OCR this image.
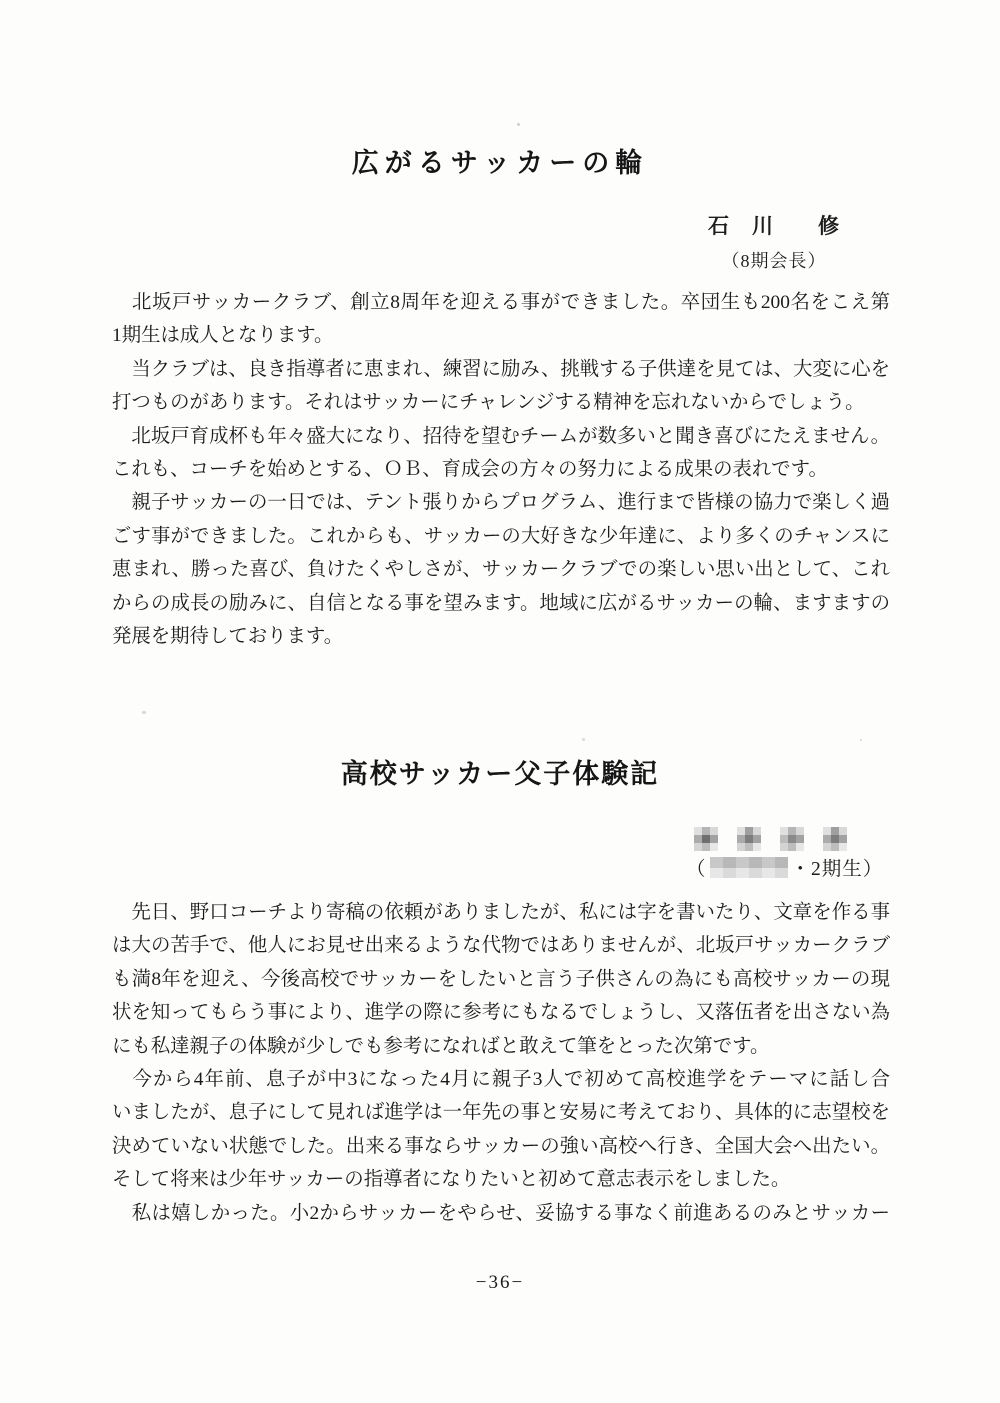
広がるサッカーの輪
石　川　　修
（8期会長）
　北坂戸サッカークラブ、創立8周年を迎える事ができました。卒団生も200名をこえ第
1期生は成人となります。
　当クラブは、良き指導者に恵まれ、練習に励み、挑戦する子供達を見ては、大変に心を
打つものがあります。それはサッカーにチャレンジする精神を忘れないからでしょう。
　北坂戸育成杯も年々盛大になり、招待を望むチームが数多いと聞き喜びにたえません。
これも、コーチを始めとする、ＯＢ、育成会の方々の努力による成果の表れです。
　親子サッカーの一日では、テント張りからプログラム、進行まで皆様の協力で楽しく過
ごす事ができました。これからも、サッカーの大好きな少年達に、より多くのチャンスに
恵まれ、勝った喜び、負けたくやしさが、サッカークラブでの楽しい思い出として、これ
からの成長の励みに、自信となる事を望みます。地域に広がるサッカーの輪、ますますの
発展を期待しております。
高校サッカー父子体験記
（	・2期生）
　先日、野口コーチより寄稿の依頼がありましたが、私には字を書いたり、文章を作る事
は大の苦手で、他人にお見せ出来るような代物ではありませんが、北坂戸サッカークラブ
も満8年を迎え、今後高校でサッカーをしたいと言う子供さんの為にも高校サッカーの現
状を知ってもらう事により、進学の際に参考にもなるでしょうし、又落伍者を出さない為
にも私達親子の体験が少しでも参考になればと敢えて筆をとった次第です。
　今から4年前、息子が中3になった4月に親子3人で初めて高校進学をテーマに話し合
いましたが、息子にして見れば進学は一年先の事と安易に考えており、具体的に志望校を
決めていない状態でした。出来る事ならサッカーの強い高校へ行き、全国大会へ出たい。
そして将来は少年サッカーの指導者になりたいと初めて意志表示をしました。
　私は嬉しかった。小2からサッカーをやらせ、妥協する事なく前進あるのみとサッカー
−36−
